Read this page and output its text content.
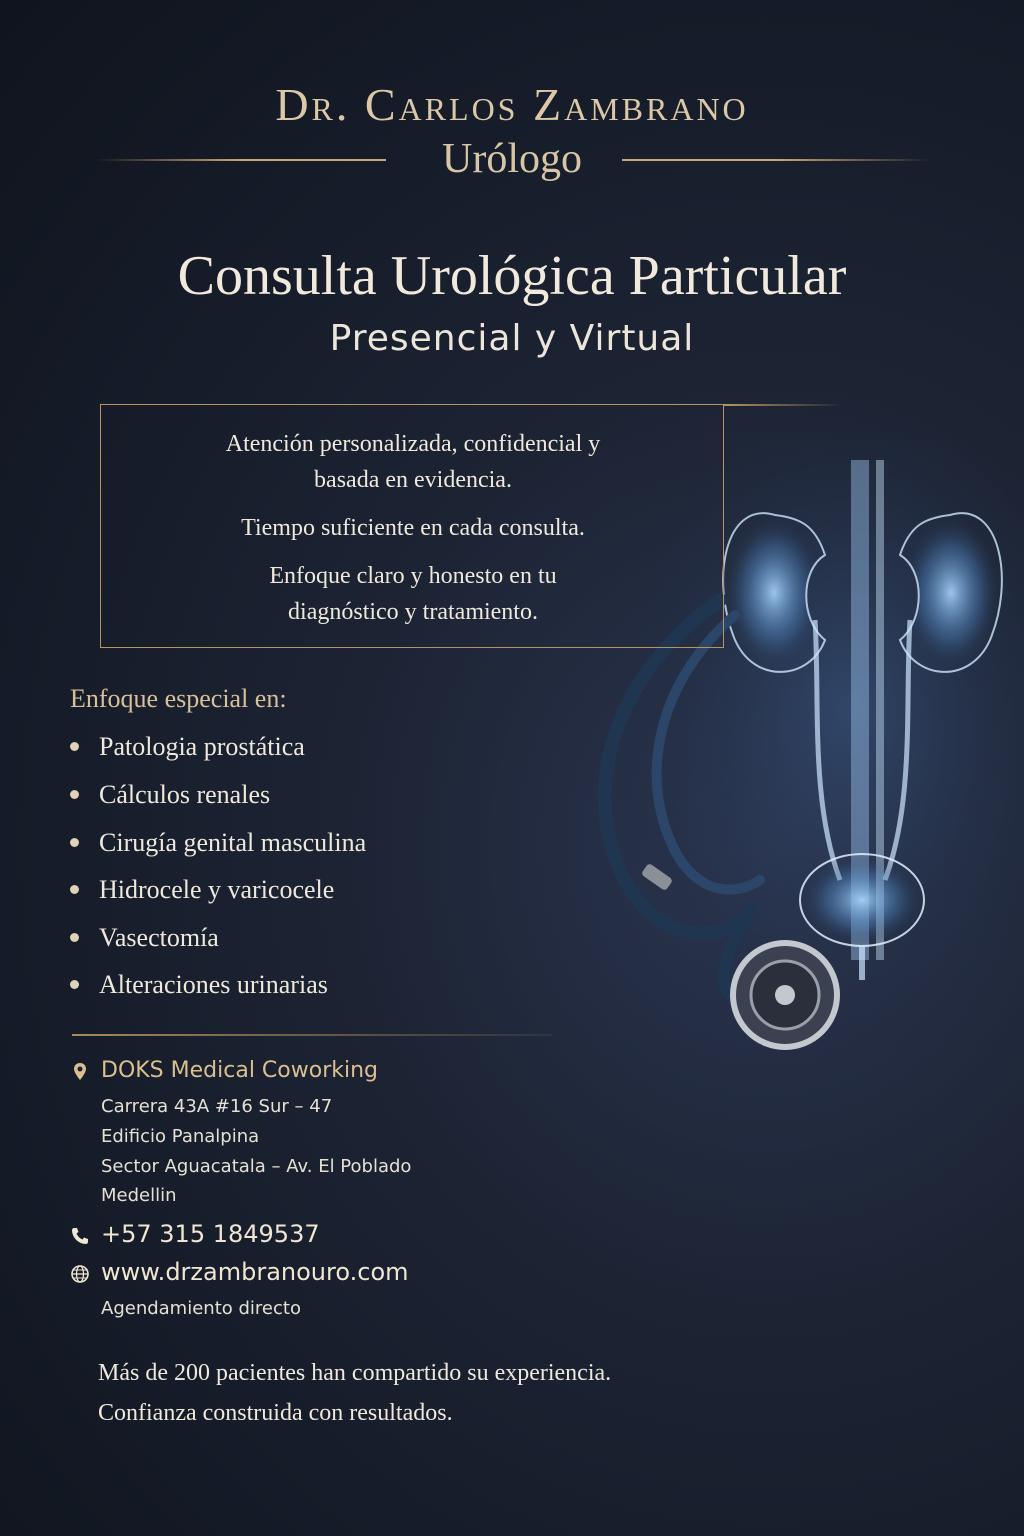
Dr. Carlos Zambrano
Urólogo
Consulta Urológica Particular
Presencial y Virtual
Atención personalizada, confidencial y
basada en evidencia.
Tiempo suficiente en cada consulta.
Enfoque claro y honesto en tu
diagnóstico y tratamiento.
Enfoque especial en:
Patologia prostática
Cálculos renales
Cirugía genital masculina
Hidrocele y varicocele
Vasectomía
Alteraciones urinarias
DOKS Medical Coworking
Carrera 43A #16 Sur – 47
Edificio Panalpina
Sector Aguacatala – Av. El Poblado
Medellin
+57 315 1849537
www.drzambranouro.com
Agendamiento directo
Más de 200 pacientes han compartido su experiencia.
Confianza construida con resultados.
